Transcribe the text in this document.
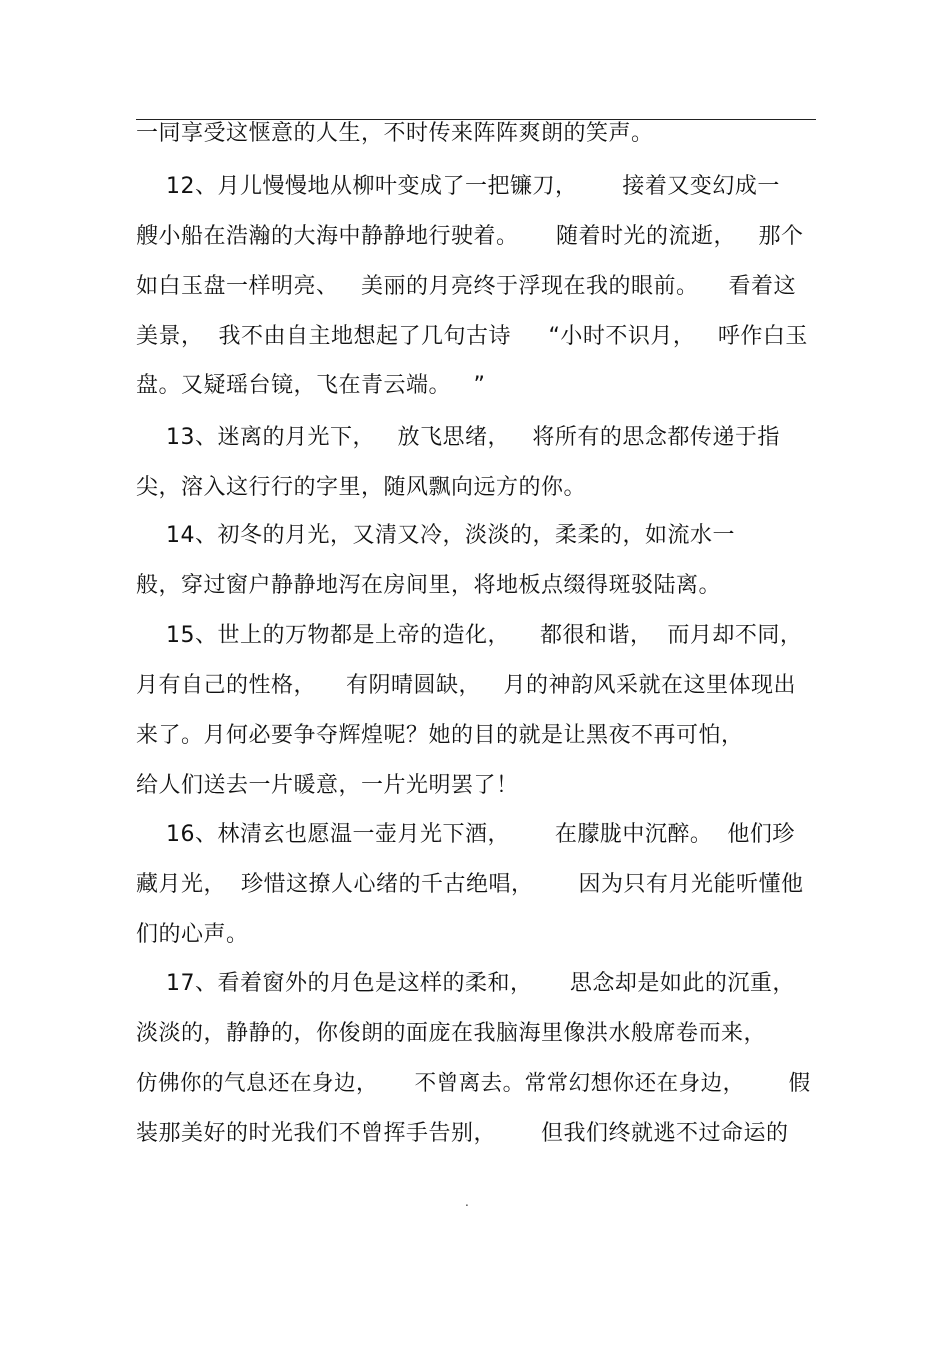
一同享受这惬意的人生，不时传来阵阵爽朗的笑声。
12、月儿慢慢地从柳叶变成了一把镰刀，      接着又变幻成一
艘小船在浩瀚的大海中静静地行驶着。     随着时光的流逝，   那个
如白玉盘一样明亮、   美丽的月亮终于浮现在我的眼前。    看着这
美景，  我不由自主地想起了几句古诗     “小时不识月，   呼作白玉
盘。又疑瑶台镜，飞在青云端。   ”
13、迷离的月光下，   放飞思绪，   将所有的思念都传递于指
尖，溶入这行行的字里，随风飘向远方的你。
14、初冬的月光，又清又冷，淡淡的，柔柔的，如流水一
般，穿过窗户静静地泻在房间里，将地板点缀得斑驳陆离。
15、世上的万物都是上帝的造化，    都很和谐，  而月却不同，
月有自己的性格，    有阴晴圆缺，   月的神韵风采就在这里体现出
来了。月何必要争夺辉煌呢？她的目的就是让黑夜不再可怕，
给人们送去一片暖意，一片光明罢了！
16、林清玄也愿温一壶月光下酒，      在朦胧中沉醉。  他们珍
藏月光，  珍惜这撩人心绪的千古绝唱，      因为只有月光能听懂他
们的心声。
17、看着窗外的月色是这样的柔和，     思念却是如此的沉重，
淡淡的，静静的，你俊朗的面庞在我脑海里像洪水般席卷而来，
仿佛你的气息还在身边，     不曾离去。常常幻想你还在身边，      假
装那美好的时光我们不曾挥手告别，      但我们终就逃不过命运的
.
